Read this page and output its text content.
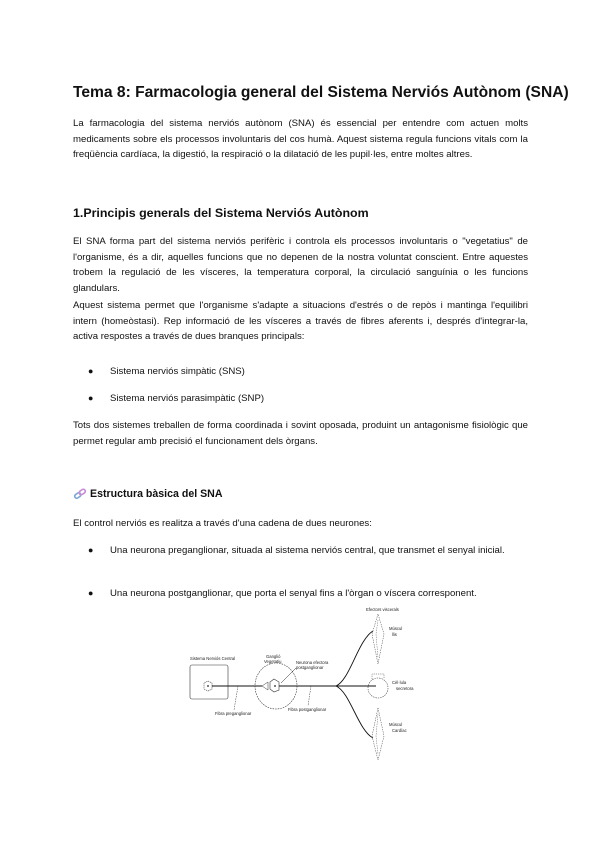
Tema 8: Farmacologia general del Sistema Nerviós Autònom (SNA)
La farmacologia del sistema nerviós autònom (SNA) és essencial per entendre com actuen molts medicaments sobre els processos involuntaris del cos humà. Aquest sistema regula funcions vitals com la freqüència cardíaca, la digestió, la respiració o la dilatació de les pupil·les, entre moltes altres.
1.Principis generals del Sistema Nerviós Autònom
El SNA forma part del sistema nerviós perifèric i controla els processos involuntaris o "vegetatius" de l'organisme, és a dir, aquelles funcions que no depenen de la nostra voluntat conscient. Entre aquestes trobem la regulació de les vísceres, la temperatura corporal, la circulació sanguínia o les funcions glandulars.
Aquest sistema permet que l'organisme s'adapte a situacions d'estrés o de repòs i mantinga l'equilibri intern (homeòstasi). Rep informació de les vísceres a través de fibres aferents i, després d'integrar-la, activa respostes a través de dues branques principals:
●	Sistema nerviós simpàtic (SNS)
●	Sistema nerviós parasimpàtic (SNP)
Tots dos sistemes treballen de forma coordinada i sovint oposada, produint un antagonisme fisiològic que permet regular amb precisió el funcionament dels òrgans.
Estructura bàsica del SNA
El control nerviós es realitza a través d'una cadena de dues neurones:
●	Una neurona preganglionar, situada al sistema nerviós central, que transmet el senyal inicial.
●	Una neurona postganglionar, que porta el senyal fins a l'òrgan o víscera corresponent.
Sistema Nerviós Central
Fibra preganglionar
Ganglió
Vegetatiu	Neurona efectora
postganglionar
Fibra postganglionar
Efectors viscerals
Múscul
llis
Cèl·lula
secretora
Múscul
Cardíac
